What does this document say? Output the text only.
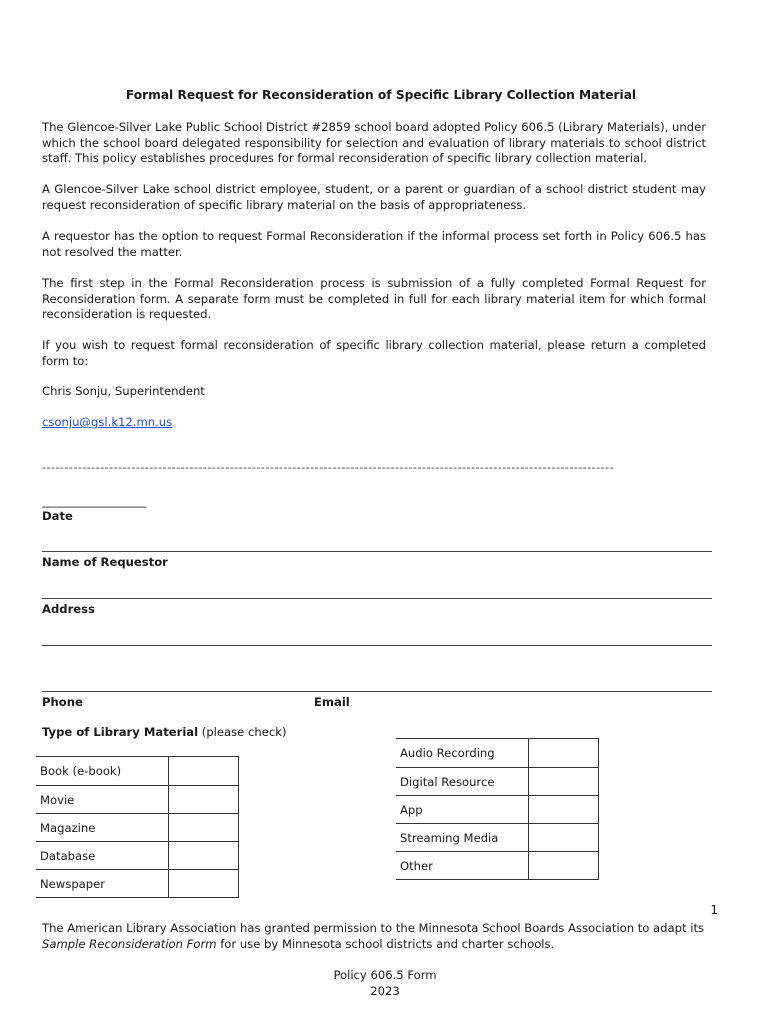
Formal Request for Reconsideration of Specific Library Collection Material
The Glencoe-Silver Lake Public School District #2859 school board adopted Policy 606.5 (Library Materials), under which the school board delegated responsibility for selection and evaluation of library materials to school district staff. This policy establishes procedures for formal reconsideration of specific library collection material.
A Glencoe-Silver Lake school district employee, student, or a parent or guardian of a school district student may request reconsideration of specific library material on the basis of appropriateness.
A requestor has the option to request Formal Reconsideration if the informal process set forth in Policy 606.5 has not resolved the matter.
The first step in the Formal Reconsideration process is submission of a fully completed Formal Request for Reconsideration form. A separate form must be completed in full for each library material item for which formal reconsideration is requested.
If you wish to request formal reconsideration of specific library collection material, please return a completed form to:
Chris Sonju, Superintendent
csonju@gsl.k12.mn.us
--------------------------------------------------------------------------------------------------------------------------------
__________________
Date
Name of Requestor
Address
Phone	Email
Type of Library Material (please check)
Book (e-book)	
Movie	
Magazine	
Database	
Newspaper	
Audio Recording	
Digital Resource	
App	
Streaming Media	
Other	
1
The American Library Association has granted permission to the Minnesota School Boards Association to adapt its
Sample Reconsideration Form for use by Minnesota school districts and charter schools.
Policy 606.5 Form
2023
